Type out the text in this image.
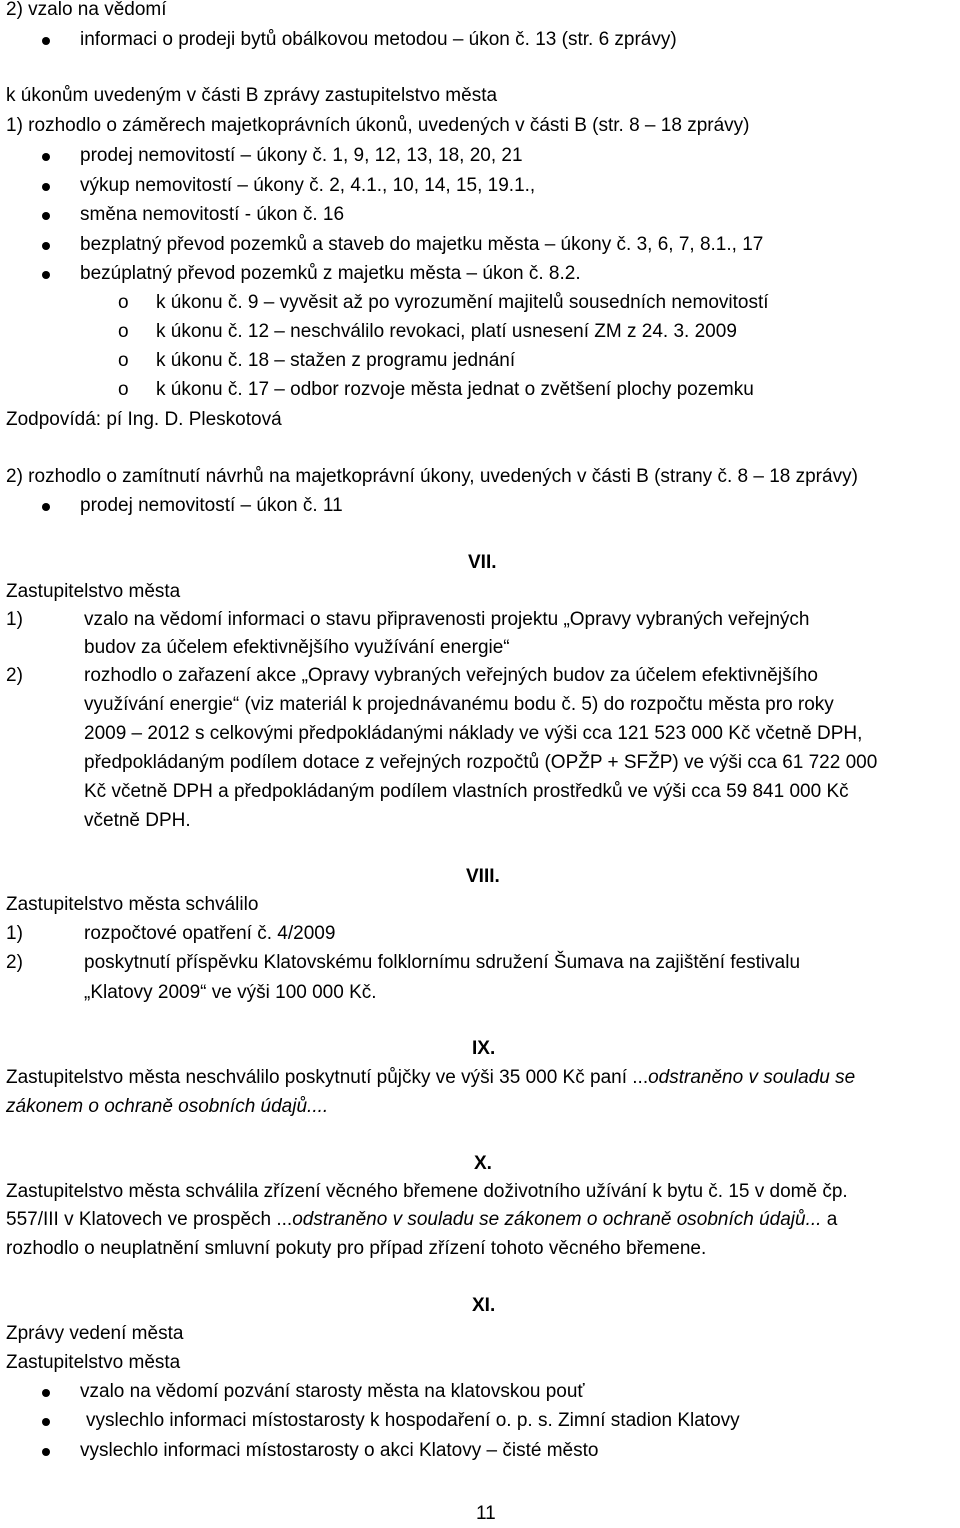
2) vzalo na vědomí
informaci o prodeji bytů obálkovou metodou – úkon č. 13 (str. 6 zprávy)
k úkonům uvedeným v části B zprávy zastupitelstvo města
1) rozhodlo o záměrech majetkoprávních úkonů, uvedených v části B (str. 8 – 18 zprávy)
prodej nemovitostí – úkony č. 1, 9, 12, 13, 18, 20, 21
výkup nemovitostí – úkony č. 2, 4.1., 10, 14, 15, 19.1.,
směna nemovitostí - úkon č. 16
bezplatný převod pozemků a staveb do majetku města – úkony č. 3, 6, 7, 8.1., 17
bezúplatný převod pozemků z majetku města – úkon č. 8.2.
o k úkonu č. 9 – vyvěsit až po vyrozumění majitelů sousedních nemovitostí
o k úkonu č. 12 – neschválilo revokaci, platí usnesení ZM z 24. 3. 2009
o k úkonu č. 18 – stažen z programu jednání
o k úkonu č. 17 – odbor rozvoje města jednat o zvětšení plochy pozemku
Zodpovídá: pí Ing. D. Pleskotová
2) rozhodlo o zamítnutí návrhů na majetkoprávní úkony, uvedených v části B (strany č. 8 – 18 zprávy)
prodej nemovitostí – úkon č. 11
VII.
Zastupitelstvo města
1)	vzalo na vědomí informaci o stavu připravenosti projektu „Opravy vybraných veřejných
budov za účelem efektivnějšího využívání energie“
2)	rozhodlo o zařazení akce „Opravy vybraných veřejných budov za účelem efektivnějšího
využívání energie“ (viz materiál k projednávanému bodu č. 5) do rozpočtu města pro roky
2009 – 2012 s celkovými předpokládanými náklady ve výši cca 121 523 000 Kč včetně DPH,
předpokládaným podílem dotace z veřejných rozpočtů (OPŽP + SFŽP) ve výši cca 61 722 000
Kč včetně DPH a předpokládaným podílem vlastních prostředků ve výši cca 59 841 000 Kč
včetně DPH.
VIII.
Zastupitelstvo města schválilo
1)	rozpočtové opatření č. 4/2009
2)	poskytnutí příspěvku Klatovskému folklornímu sdružení Šumava na zajištění festivalu
„Klatovy 2009“ ve výši 100 000 Kč.
IX.
Zastupitelstvo města neschválilo poskytnutí půjčky ve výši 35 000 Kč paní ...odstraněno v souladu se
zákonem o ochraně osobních údajů....
X.
Zastupitelstvo města schválila zřízení věcného břemene doživotního užívání k bytu č. 15 v domě čp.
557/III v Klatovech ve prospěch ...odstraněno v souladu se zákonem o ochraně osobních údajů... a
rozhodlo o neuplatnění smluvní pokuty pro případ zřízení tohoto věcného břemene.
XI.
Zprávy vedení města
Zastupitelstvo města
vzalo na vědomí pozvání starosty města na klatovskou pouť
vyslechlo informaci místostarosty k hospodaření o. p. s. Zimní stadion Klatovy
vyslechlo informaci místostarosty o akci Klatovy – čisté město
11
